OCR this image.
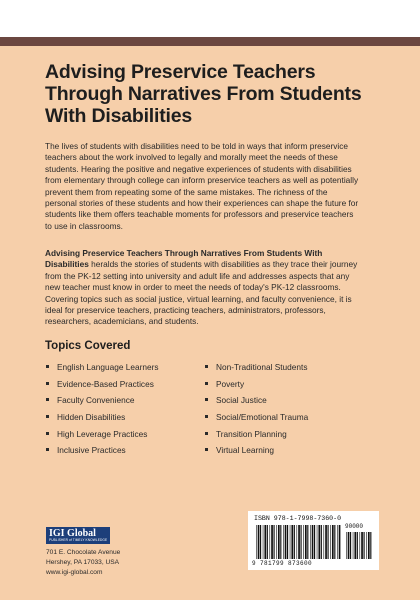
Advising Preservice Teachers Through Narratives From Students With Disabilities

The lives of students with disabilities need to be told in ways that inform preservice teachers about the work involved to legally and morally meet the needs of these students. Hearing the positive and negative experiences of students with disabilities from elementary through college can inform preservice teachers as well as potentially prevent them from repeating some of the same mistakes. The richness of the personal stories of these students and how their experiences can shape the future for students like them offers teachable moments for professors and preservice teachers to use in classrooms.

Advising Preservice Teachers Through Narratives From Students With Disabilities heralds the stories of students with disabilities as they trace their journey from the PK-12 setting into university and adult life and addresses aspects that any new teacher must know in order to meet the needs of today's PK-12 classrooms. Covering topics such as social justice, virtual learning, and faculty convenience, it is ideal for preservice teachers, practicing teachers, administrators, professors, researchers, academicians, and students.

Topics Covered
English Language Learners
Evidence-Based Practices
Faculty Convenience
Hidden Disabilities
High Leverage Practices
Inclusive Practices
Non-Traditional Students
Poverty
Social Justice
Social/Emotional Trauma
Transition Planning
Virtual Learning
IGI Global
PUBLISHER of TIMELY KNOWLEDGE

701 E. Chocolate Avenue
Hershey, PA 17033, USA
www.igi-global.com

ISBN 978-1-7998-7360-0
90000
9 781799 873600
